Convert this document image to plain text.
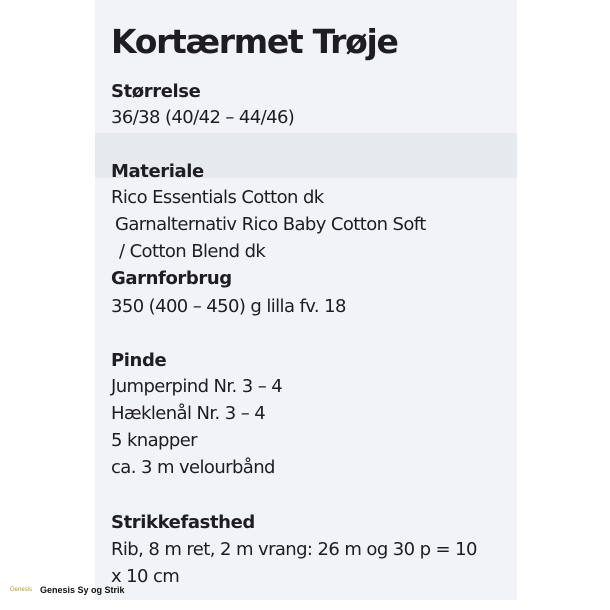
Kortærmet Trøje
Størrelse
36/38 (40/42 – 44/46)
Materiale
Rico Essentials Cotton dk
Garnalternativ Rico Baby Cotton Soft
/ Cotton Blend dk
Garnforbrug
350 (400 – 450) g lilla fv. 18
Pinde
Jumperpind Nr. 3 – 4
Hæklenål Nr. 3 – 4
5 knapper
ca. 3 m velourbånd
Strikkefasthed
Rib, 8 m ret, 2 m vrang: 26 m og 30 p = 10
x 10 cm
Genesis Genesis Sy og Strik
